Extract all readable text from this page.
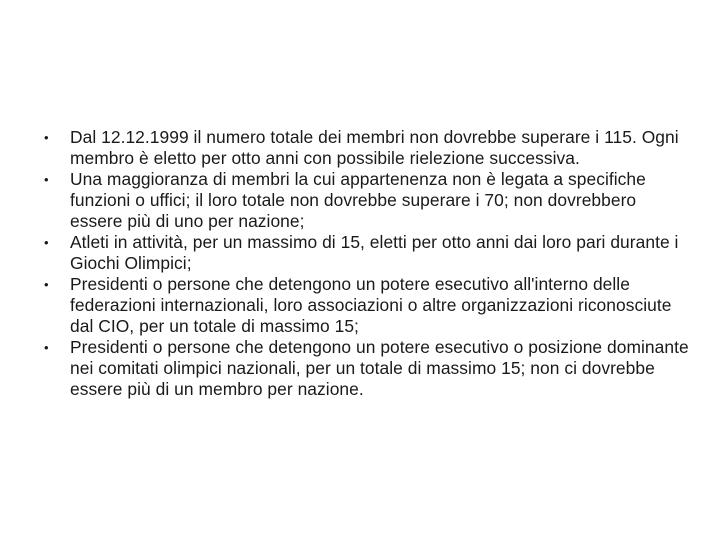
• Dal 12.12.1999 il numero totale dei membri non dovrebbe superare i 115. Ogni membro è eletto per otto anni con possibile rielezione successiva.
• Una maggioranza di membri la cui appartenenza non è legata a specifiche funzioni o uffici; il loro totale non dovrebbe superare i 70; non dovrebbero essere più di uno per nazione;
• Atleti in attività, per un massimo di 15, eletti per otto anni dai loro pari durante i Giochi Olimpici;
• Presidenti o persone che detengono un potere esecutivo all'interno delle federazioni internazionali, loro associazioni o altre organizzazioni riconosciute dal CIO, per un totale di massimo 15;
• Presidenti o persone che detengono un potere esecutivo o posizione dominante nei comitati olimpici nazionali, per un totale di massimo 15; non ci dovrebbe essere più di un membro per nazione.
